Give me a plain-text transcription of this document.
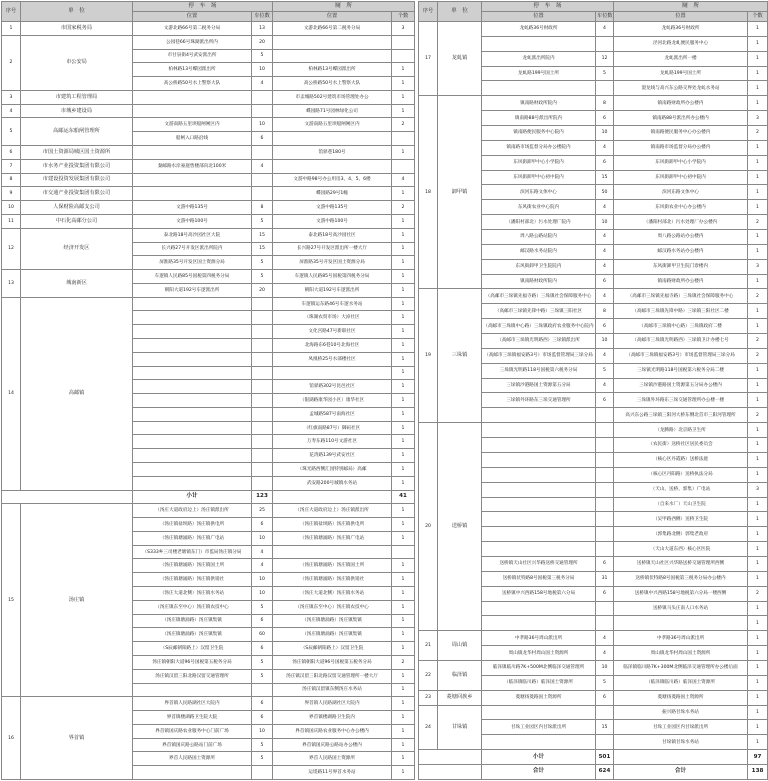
序号	单　位	停　车　场		厕　所	
		位置	车位数	位置	个数
1	市国家税务局	文游北路66号第二税务分局	13	文游北路66号第二税务分局	3
2	市公安局	公园巷66号珠湖派出所内	20		
		市甘泉街4号武安派出所	5		
		柏林路13号蝶园派出所	10	柏林路13号蝶园派出所	1
		高公桥路50号水上警察大队	4	高公桥路50号水上警察大队	1
3	市建筑工程管理局			市盂城路502号建筑市场管理处办公	1
4	市城乡建设局			蝶园路71号园林绿化公司	1
5	高邮运东船闸管理所	文游南路五里坝船闸闸区内	10	文游南路五里坝船闸闸区内	2
		船闸入口路沿线	6		
6	市国土资源局城区国土资源所			馆驿巷180号	1
7	市水务产业投资集团有限公司	秦邮路水岸豪庭售楼部向北100米	4		
8	市建设投资发展集团有限公司			文游中路98号办公用房3、4、5、6楼	4
9	市交通产业投资集团有限公司			蝶园路29号1幢	1
10	人保财险高邮支公司	文游中路135号	8	文游中路135号	2
11	中石化高邮分公司	文游中路100号	5	文游中路100号	1
12	经济开发区	泰北路18号高沙园社区大院	15	泰北路18号高沙园社区	1
		长兴路27号开发区派出所院内	15	长兴路27号开发区派出所一楼大厅	1
		屏淮路35号开发区国土资源分局	5	屏淮路35号开发区国土资源分局	1
13	城南新区	车逻镇人民路85号国税第四税务分局	5	车逻镇人民路85号国税第四税务分局	1
		朝阳大道192号车逻派出所	20	朝阳大道192号车逻派出所	1
14	高邮镇			车逻镇运东路46号车逻水务站	1
				（珠湖农贸市场）大淖社区	1
				文化宫路47号新联社区	1
				北海路东6巷10号北海社区	1
				凤凰桥25号水部楼社区	1
					1
				馆驿路302号昆邑社区	1
				（银湖路康华园小区）康华社区	1
				孟城路587号南海社区	1
				（红旗南路87号）御码社区	1
				万寿东路110号文游社区	1
				花湾路139号武安社区	1
				（珠光路西侧汇园特别邮局）高邮	1
				武安路200号城镇水务站	1
		小计	123		41
15	汤庄镇	（汤庄大道政府边上）汤庄镇派出所	25	（汤庄大道政府边上）汤庄镇派出所	1
		（汤庄镇盐坝路）汤庄镇供电所	6	（汤庄镇盐坝路）汤庄镇供电所	1
		（汤庄镇塘涌路）汤庄镇广电站	10	（汤庄镇塘涌路）汤庄镇广电站	1
		（S333乡三司楼老塘镇东门）市监局汤庄镇分局	4		
		（汤庄镇塘涌路）汤庄镇国土所	4	（汤庄镇塘涌路）汤庄镇国土所	1
		（汤庄镇塘涌路）汤庄镇供销社	10	（汤庄镇塘涌路）汤庄镇供销社	1
		（汤庄大道北侧）汤庄镇水务站	10	（汤庄大道北侧）汤庄镇水务站	1
		（汤庄镇东至中心）汤庄镇农技中心	5	（汤庄镇东至中心）汤庄镇农技中心	1
		（汤庄镇塘涌路）汤庄镇集镇	6	（汤庄镇塘涌路）汤庄镇集镇	1
		（汤庄镇塘涌路）汤庄镇集镇	60	（汤庄镇塘涌路）汤庄镇集镇	1
		（S辰邮朝阳路上）汉留卫生院	6	（S辰邮朝阳路上）汉留卫生院	1
		汤庄镇朝阳大道96号国税第五税务分局	5	汤庄镇朝阳大道96号国税第五税务分局	2
		汤庄镇汉留三阳北路汉留交通管理所	5	汤庄镇汉留三阳北路汉留交通管理所一楼大厅	1
				汤庄镇汉留镇东侧汤庄水务站	1
16	界首镇	界首镇人民路湖社区大院内	6	界首镇人民路湖社区大院内	1
		界首镇楼湖路卫生院大院	6	界首镇楼湖路卫生院内	1
		界首镇国庆路农业服务中心门前广场	10	界首镇国庆路农业服务中心办公楼内	1
		界首镇国庆路公路站门前广场	5	界首镇国庆路公路站办公楼内	1
		界首人民路国土资源所	5	界首人民路国土资源所	1
				运堤路11号界首水务站	1
序号	单　位	停　车　场		厕　所	
		位置	车位数	位置	个数
17	龙虬镇	龙虬路36号财政所	4	龙虬路36号财政所	1
				泾河北路龙虬便民服务中心	1
		龙虬派出所院内	12	龙虬派出所一楼	1
		龙虬路199号国土所	5	龙虬路199号国土所	1
				澄龙线与高兴东公路交界处龙虬水务站	1
18	卸甲镇	镇南路财政所院内	8	镇南路财政所办公楼内	1
		镇南路88号派出所院内	6	镇南路88号派出所办公楼内	3
		镇南路便民服务中心院内	10	镇南路便民服务中心办公楼内	2
		镇南路市场监督分局办公楼院内	4	镇南路市场监督分局办公楼内	1
		东风街卸甲中心小学院内	6	东风街卸甲中心小学院内	1
		东风街卸甲中心初中院内	15	东风街卸甲中心初中院内	1
		滨河东路文体中心	50	滨河东路文体中心	1
		东风街农业中心院内	4	东风街农业中心办公楼内	1
		（潘阳村部北）污水处理厂院内	10	（潘阳村部北）污水处理厂办公楼内	2
		周八路公路站院内	4	周八路公路站办公楼内	1
		邮汉路水务站院内	4	邮汉路水务站办公楼内	1
		东风街卸甲卫生院院内	4	东风街卸甲卫生院门诊楼内	3
		镇南路财政所院内	6	镇南路财政所办公楼内	1
19	三垛镇	（高邮市三垛镇先福寺路）三垛镇社会保障服务中心	4	（高邮市三垛镇先福寺路）三垛镇社会保障服务中心	2
		（高邮市三垛镇先锋中路）三垛镇三阳社区	8	（高邮市三垛镇先锋中路）三垛镇三阳社区二楼	1
		（高邮市三垛镇中心路）三垛镇政府农业服务中心院内	6	（高邮市三垛镇中心路）三垛镇政府二楼	1
		（高邮市三垛镇光明路西）三垛镇派出所	10	（高邮市三垛镇光明路西）三垛镇卫计办楼七号	2
		（高邮市三垛镇福安路3号）市场监督管理局三垛分局	4	（高邮市三垛镇福安路3号）市场监督管理局三垛分局	2
		三垛镇光明路118号国税第六税务分局	5	三垛镇光明路118号国税第六税务分局二楼	1
		三垛镇沙港路国土资源第五分局	4	三垛镇沙港路国土资源第五分局办公楼内	1
		三垛镇外环路东三垛交通管理所	6	三垛镇外环路东三垛交通管理所办公楼一楼	1
				高兴东公路三垛镇三阳河大桥东侧北首市三阳河管理所	2
20	送桥镇			（龙腾路）北京路卫生所	1
				（农民街）送桥社区居民委员会	1
				（核心区丹霞路）送桥法庭	1
				（核心区丹阳路）送桥执法分局	1
				（天山、送桥、郭集）广电站	3
				（自来水厂）天山卫生院	1
				（吴甲路西侧）送桥卫生院	1
				（郭集路北侧）郭集老政府	1
				（天山大道东西）核心区医院	1
		送桥镇天山社区兴华路送桥交通管理所	6	送桥镇天山社区兴华路送桥交通管理所西侧	1
		送桥镇伏特路8号国税第三税务分局	31	送桥镇伏特路8号国税第三税务分局办公楼内	1
		送桥镇中兴西路158号地税第六分局	6	送桥镇中兴西路158号地税第六分局一楼西侧	2
				送桥镇马头庄南人口水务站	1
					1
21	周山镇	中孝路36号周山派出所	4	中孝路36号周山派出所	1
		周山镇龙华村周山国土资源所	4	周山镇龙华村周山国土资源所	1
22	临泽镇	临泽镇临川路7K+500M北侧临泽交通管理所	10	临泽镇临川路7K+300M北侧临泽交通管理所办公楼后面	1
		（临泽镇临川路）临泽国土资源所	5	（临泽镇临川路）临泽国土资源所	1
23	菱塘回族乡	菱塘扬菱路国土资源所	6	菱塘扬菱路国土资源所	1
24	甘垛镇			振兴路甘垛水务站	1
		甘垛工业园区内甘垛派出所	15	甘垛工业园区内甘垛派出所	1
				甘垛镇甘垛水务站	1
		小计	501		97
		合计	624	合计	138
